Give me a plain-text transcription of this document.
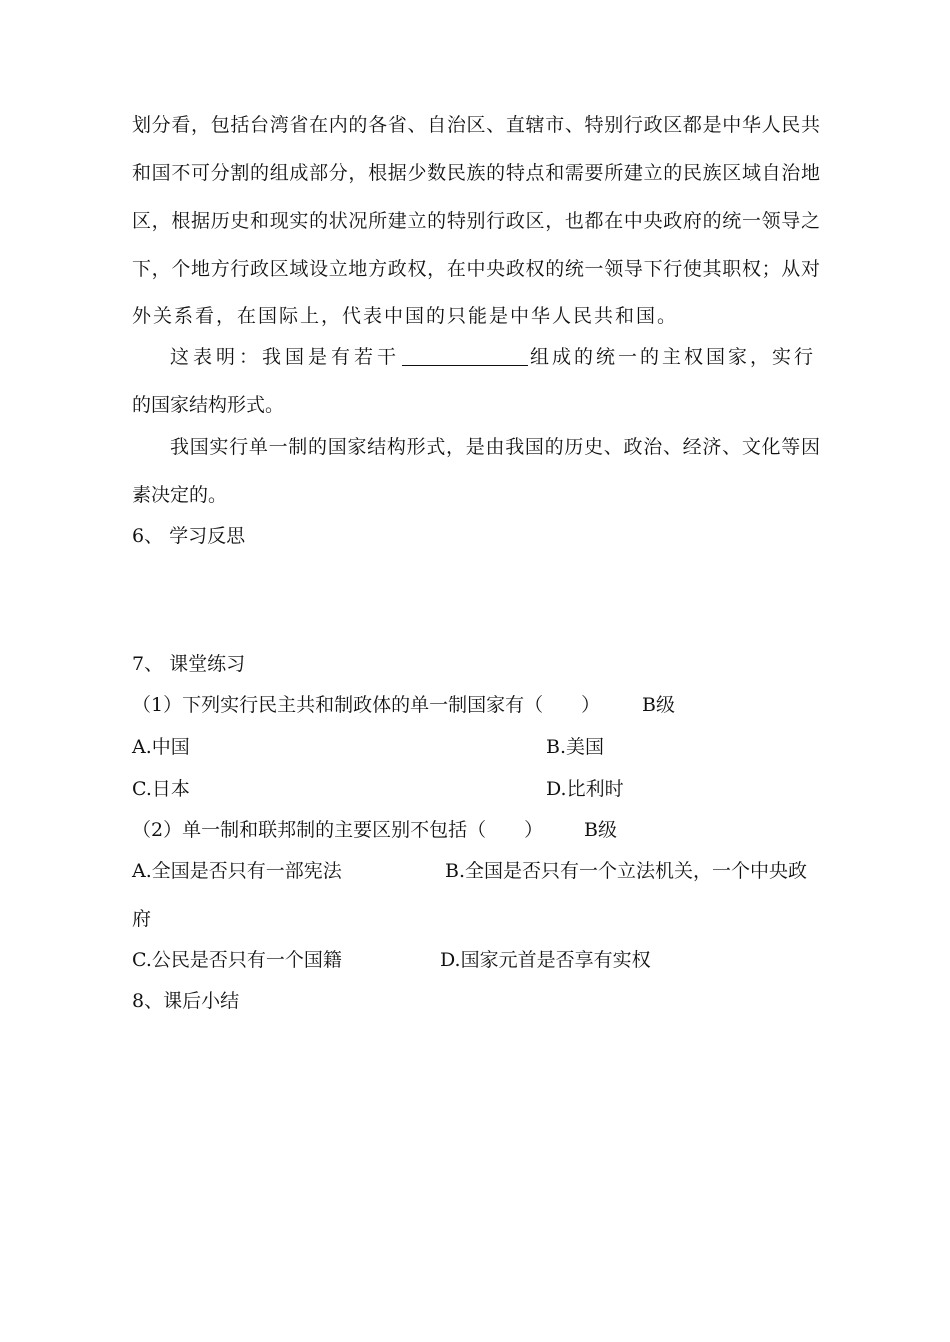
划分看，包括台湾省在内的各省、自治区、直辖市、特别行政区都是中华人民共
和国不可分割的组成部分，根据少数民族的特点和需要所建立的民族区域自治地
区，根据历史和现实的状况所建立的特别行政区，也都在中央政府的统一领导之
下，个地方行政区域设立地方政权，在中央政权的统一领导下行使其职权；从对
外关系看，在国际上，代表中国的只能是中华人民共和国。
这表明：我国是有若干	组成的统一的主权国家，实行
的国家结构形式。
我国实行单一制的国家结构形式，是由我国的历史、政治、经济、文化等因
素决定的。
6、 学习反思
7、 课堂练习
（1）下列实行民主共和制政体的单一制国家有（　　） B级
A.中国	B.美国
C.日本	D.比利时
（2）单一制和联邦制的主要区别不包括（　　） B级
A.全国是否只有一部宪法	B.全国是否只有一个立法机关，一个中央政
府
C.公民是否只有一个国籍	D.国家元首是否享有实权
8、课后小结
